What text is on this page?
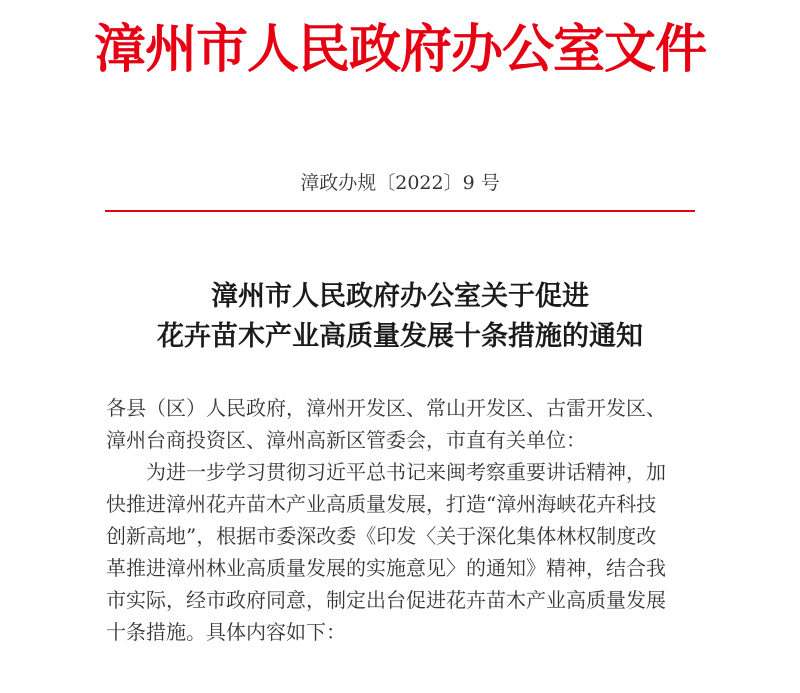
漳州市人民政府办公室文件
漳政办规〔2022〕9 号
漳州市人民政府办公室关于促进
花卉苗木产业高质量发展十条措施的通知
各县（区）人民政府，漳州开发区、常山开发区、古雷开发区、
漳州台商投资区、漳州高新区管委会，市直有关单位：
为进一步学习贯彻习近平总书记来闽考察重要讲话精神，加
快推进漳州花卉苗木产业高质量发展，打造“漳州海峡花卉科技
创新高地”，根据市委深改委《印发〈关于深化集体林权制度改
革推进漳州林业高质量发展的实施意见〉的通知》精神，结合我
市实际，经市政府同意，制定出台促进花卉苗木产业高质量发展
十条措施。具体内容如下：
